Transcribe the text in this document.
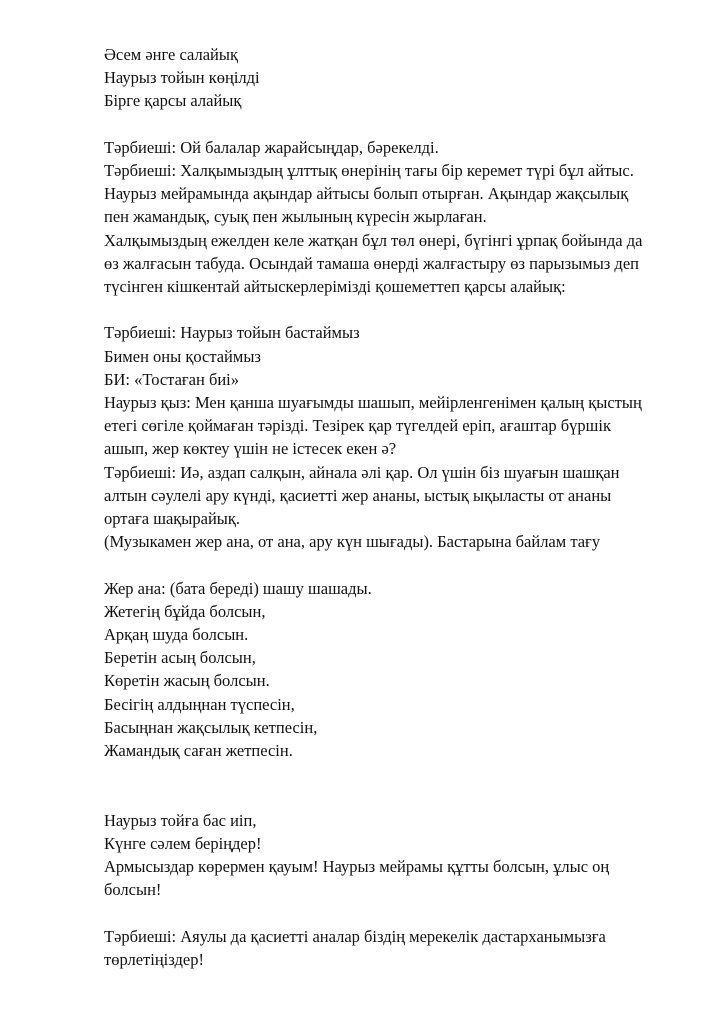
Әсем әнге салайық
Наурыз тойын көңілді
Бірге қарсы алайық
Тәрбиеші: Ой балалар жарайсыңдар, бәрекелді.
Тәрбиеші: Халқымыздың ұлттық өнерінің тағы бір керемет түрі бұл айтыс.
Наурыз мейрамында ақындар айтысы болып отырған. Ақындар жақсылық
пен жамандық, суық пен жылының күресін жырлаған.
Халқымыздың ежелден келе жатқан бұл төл өнері, бүгінгі ұрпақ бойында да
өз жалғасын табуда. Осындай тамаша өнерді жалғастыру өз парызымыз деп
түсінген кішкентай айтыскерлерімізді қошеметтеп қарсы алайық:
Тәрбиеші: Наурыз тойын бастаймыз
Бимен оны қостаймыз
БИ: «Тостаған биі»
Наурыз қыз: Мен қанша шуағымды шашып, мейірленгенімен қалың қыстың
етегі сөгіле қоймаған тәрізді. Тезірек қар түгелдей еріп, ағаштар бүршік
ашып, жер көктеу үшін не істесек екен ә?
Тәрбиеші: Иә, аздап салқын, айнала әлі қар. Ол үшін біз шуағын шашқан
алтын сәулелі ару күнді, қасиетті жер ананы, ыстық ықыласты от ананы
ортаға шақырайық.
(Музыкамен жер ана, от ана, ару күн шығады). Бастарына байлам тағу
Жер ана: (бата береді) шашу шашады.
Жетегің бұйда болсын,
Арқаң шуда болсын.
Беретін асың болсын,
Көретін жасың болсын.
Бесігің алдыңнан түспесін,
Басыңнан жақсылық кетпесін,
Жамандық саған жетпесін.
Наурыз тойға бас иіп,
Күнге сәлем беріңдер!
Армысыздар көрермен қауым! Наурыз мейрамы құтты болсын, ұлыс оң
болсын!
Тәрбиеші: Аяулы да қасиетті аналар біздің мерекелік дастарханымызға
төрлетіңіздер!
